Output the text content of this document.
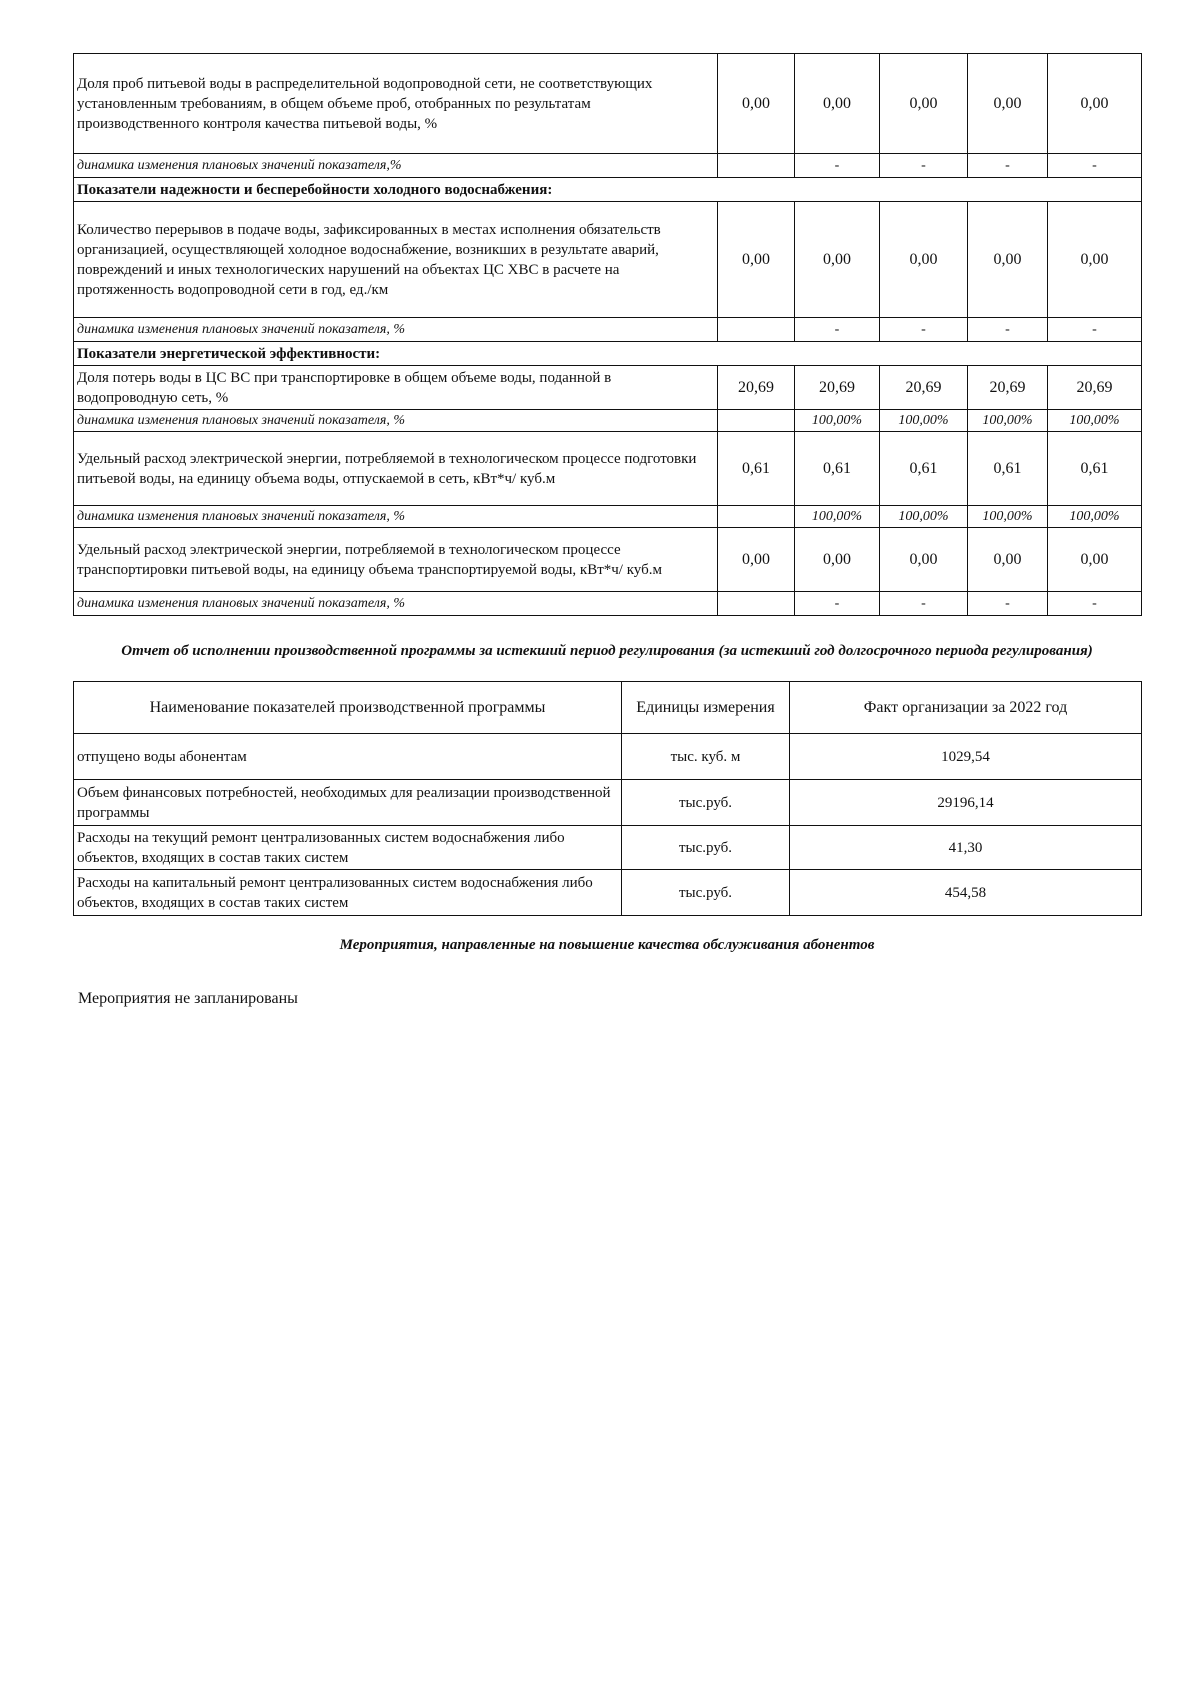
Доля проб питьевой воды в распределительной водопроводной сети, не соответствующих установленным требованиям, в общем объеме проб, отобранных по результатам производственного контроля качества питьевой воды, %	0,00	0,00	0,00	0,00	0,00
динамика изменения плановых значений показателя,%		-	-	-	-
Показатели надежности и бесперебойности холодного водоснабжения:					
Количество перерывов в подаче воды, зафиксированных в местах исполнения обязательств организацией, осуществляющей холодное водоснабжение, возникших в результате аварий, повреждений и иных технологических нарушений на объектах ЦС ХВС в расчете на протяженность водопроводной сети в год, ед./км	0,00	0,00	0,00	0,00	0,00
динамика изменения плановых значений показателя, %		-	-	-	-
Показатели энергетической эффективности:					
Доля потерь воды в ЦС ВС при транспортировке в общем объеме воды, поданной в водопроводную сеть, %	20,69	20,69	20,69	20,69	20,69
динамика изменения плановых значений показателя, %		100,00%	100,00%	100,00%	100,00%
Удельный расход электрической энергии, потребляемой в технологическом процессе подготовки питьевой воды, на единицу объема воды, отпускаемой в сеть, кВт*ч/ куб.м	0,61	0,61	0,61	0,61	0,61
динамика изменения плановых значений показателя, %		100,00%	100,00%	100,00%	100,00%
Удельный расход электрической энергии, потребляемой в технологическом процессе транспортировки питьевой воды, на единицу объема транспортируемой воды, кВт*ч/ куб.м	0,00	0,00	0,00	0,00	0,00
динамика изменения плановых значений показателя, %		-	-	-	-
Отчет об исполнении производственной программы за истекший период регулирования (за истекший год долгосрочного периода регулирования)
Наименование показателей производственной программы	Единицы измерения	Факт организации за 2022 год
отпущено воды абонентам	тыс. куб. м	1029,54
Объем финансовых потребностей, необходимых для реализации производственной программы	тыс.руб.	29196,14
Расходы на текущий ремонт централизованных систем водоснабжения либо объектов, входящих в состав таких систем	тыс.руб.	41,30
Расходы на капитальный ремонт централизованных систем водоснабжения либо объектов, входящих в состав таких систем	тыс.руб.	454,58
Мероприятия, направленные на повышение качества обслуживания абонентов
Мероприятия не запланированы
